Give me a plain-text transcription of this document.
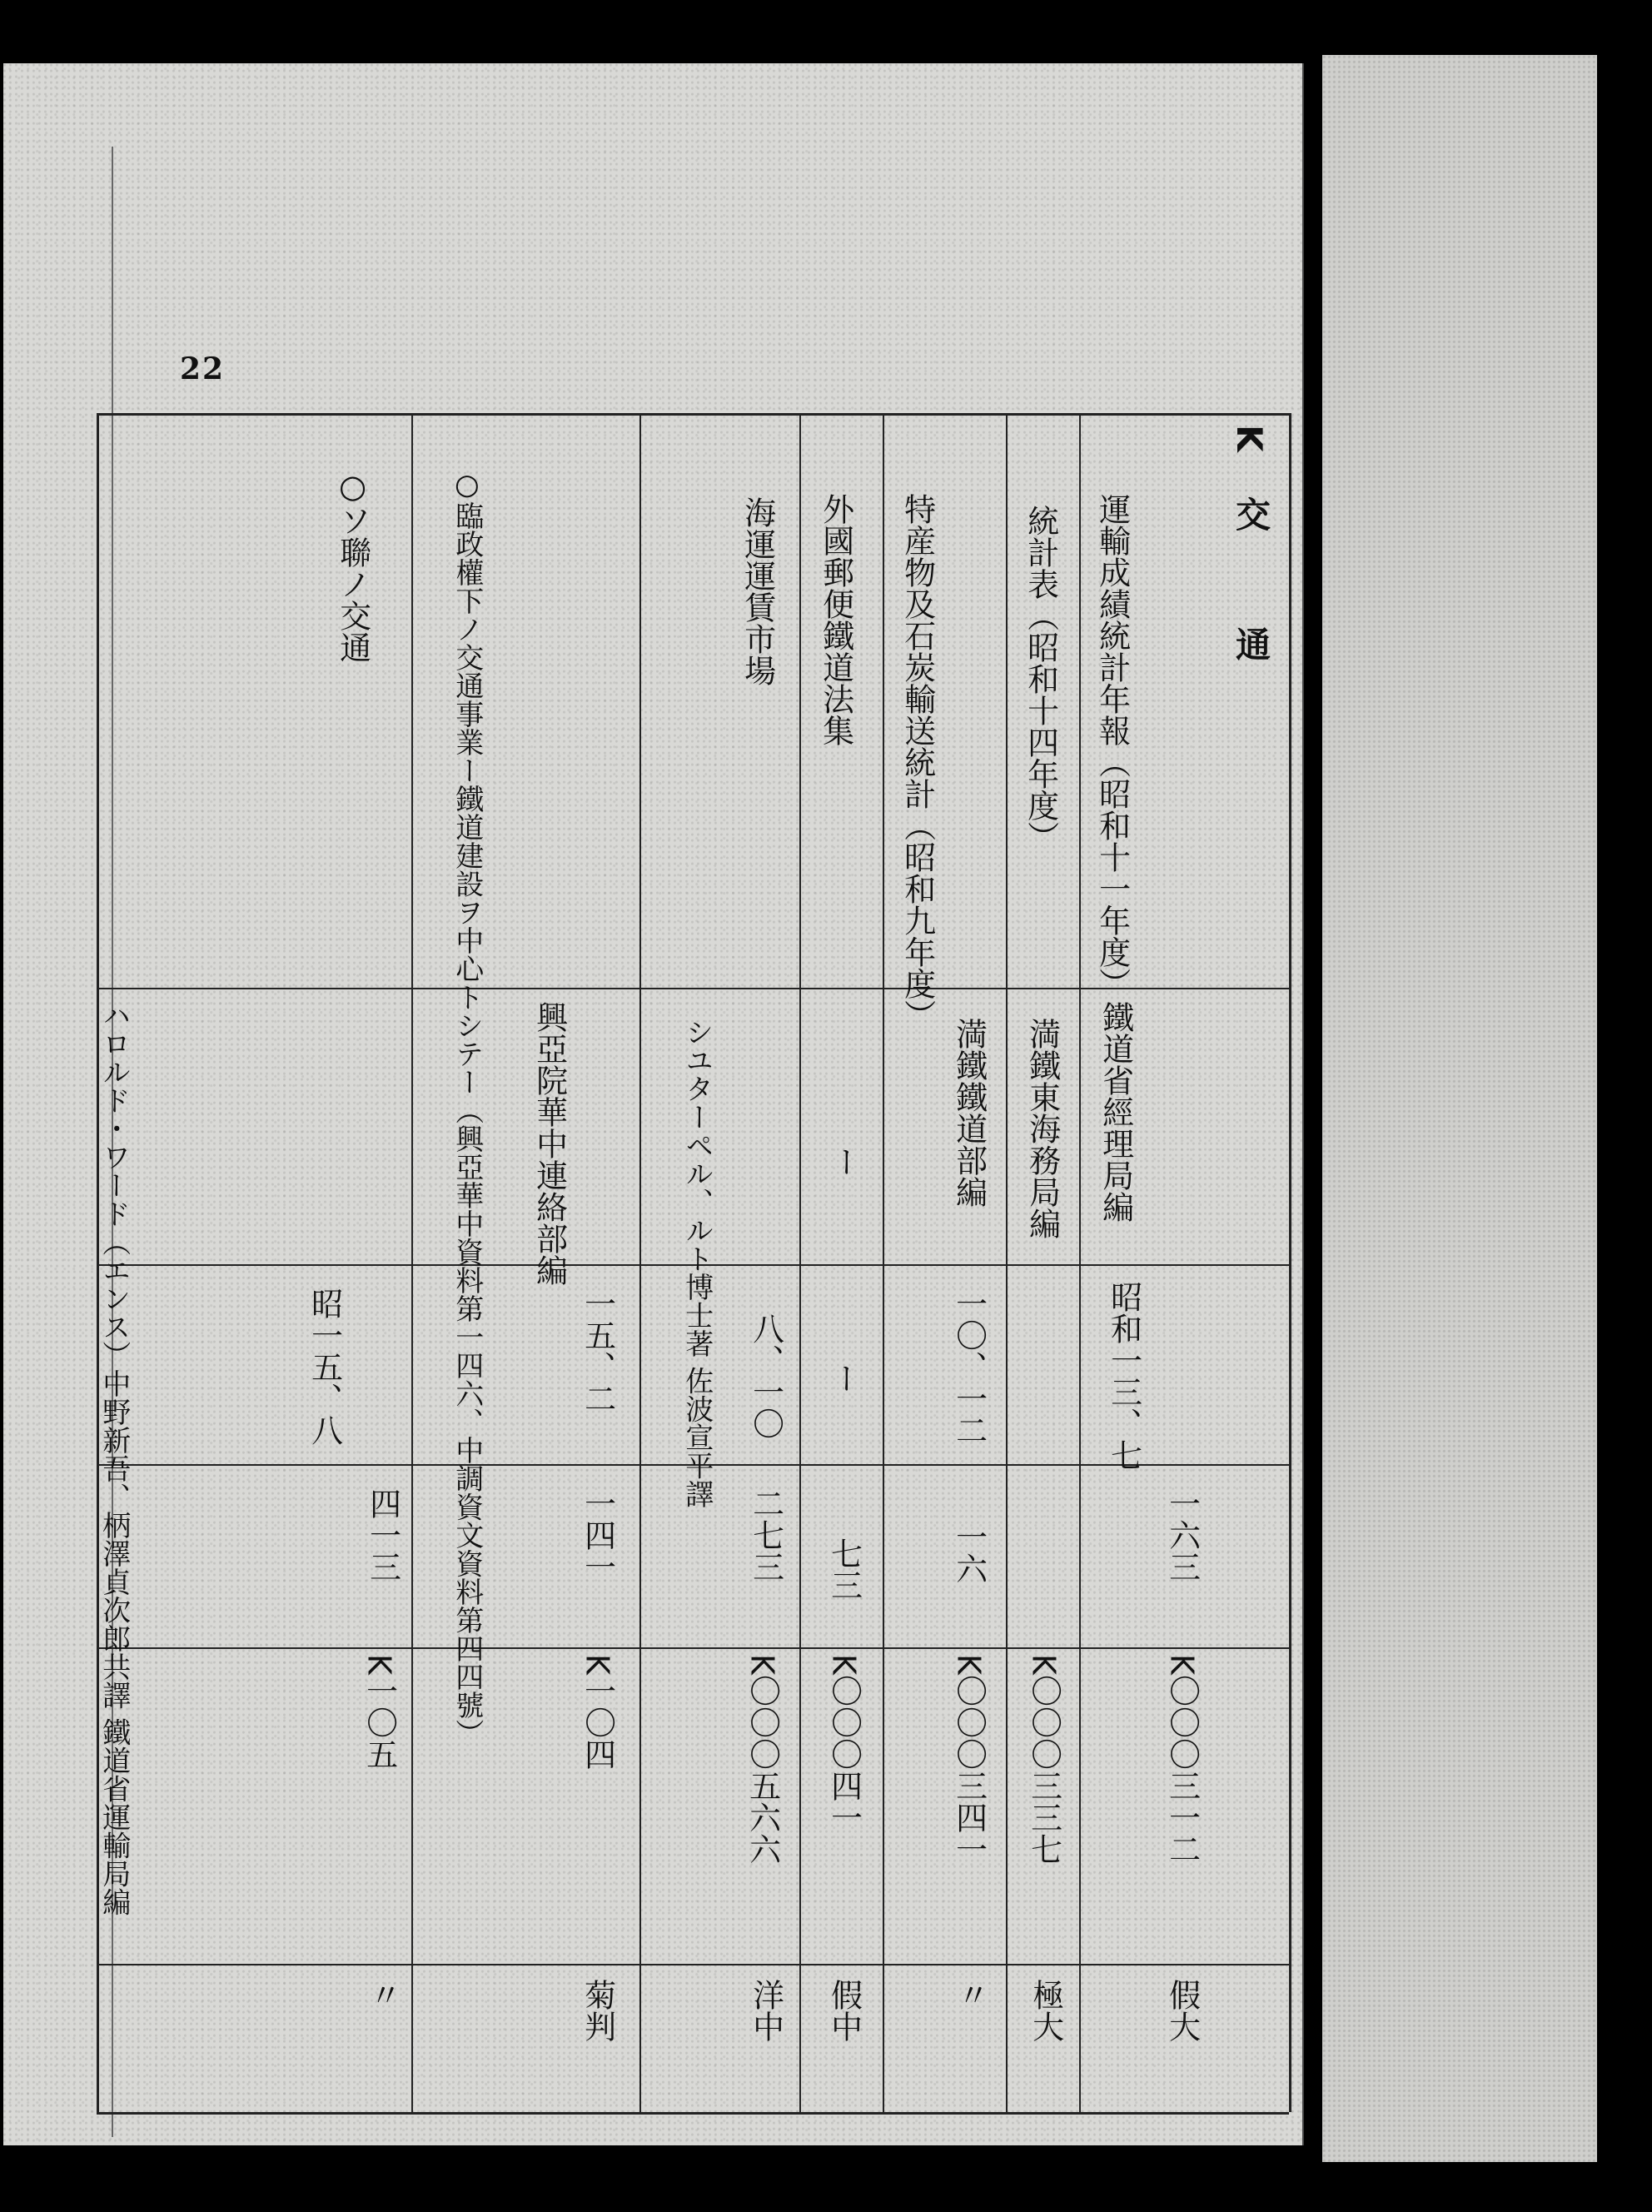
22
K
交　通
運輸成績統計年報（昭和十一年度）
鐵道省經理局編
昭和一三、七
一六三
K〇〇〇三一二
假大
統計表（昭和十四年度）
満鐵東海務局編
K〇〇〇三三七
極大
特産物及石炭輸送統計（昭和九年度）
満鐵鐵道部編
一〇、一二
一六
K〇〇〇三四一
〃
外國郵便鐵道法集
ー
ー
七三
K〇〇〇四一
假中
海運運賃市場
シユターペル、ルト博士著 佐波宣平譯 八、一〇
二七三
K〇〇〇五六六
洋中
○臨政權下ノ交通事業ー鐵道建設ヲ中心トシテー（興亞華中資料第一四六、中調資文資料第四四號） 興亞院華中連絡部編
一五、二
一四一
K一〇四
菊判
○ソ聯ノ交通
ハロルド・ワード（エンス）中野新吾、柄澤貞次郎共譯 鐵道省運輸局編	昭一五、八
四一三
K一〇五
〃
